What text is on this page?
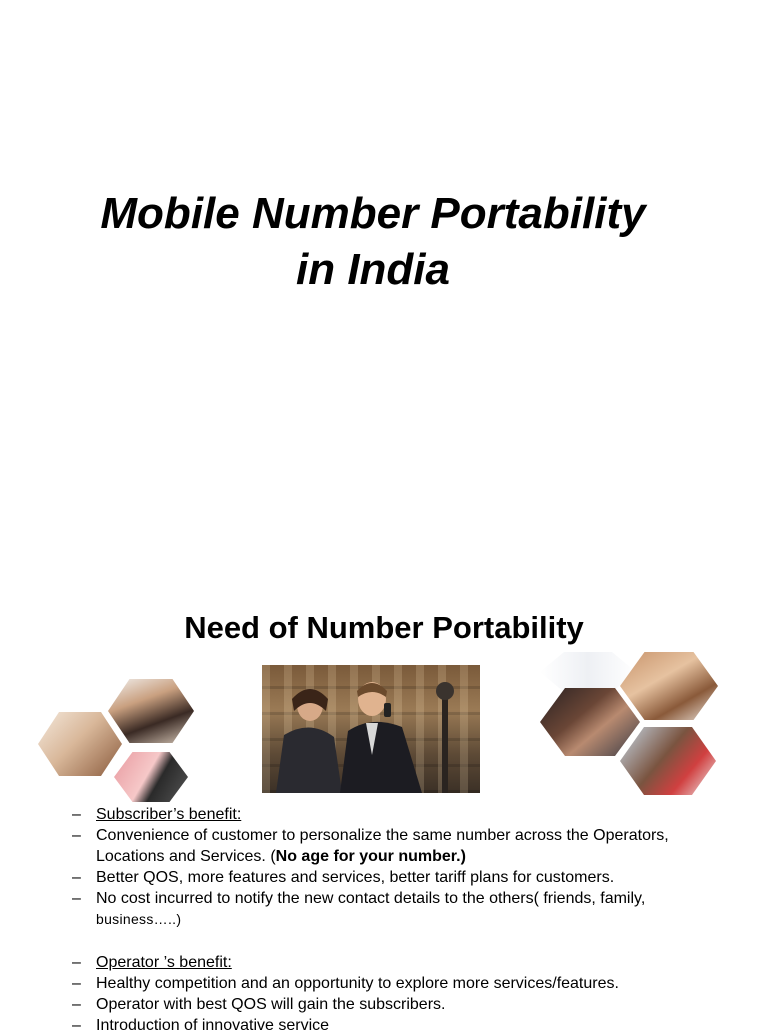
Mobile Number Portability
in India
Need of Number Portability
– Subscriber’s benefit:
– Convenience of customer to personalize the same number across the Operators, Locations and Services. (No age for your number.)
– Better QOS, more features and services, better tariff plans for customers.
– No cost incurred to notify the new contact details to the others( friends, family,
business…..)
– Operator ’s benefit:
– Healthy competition and an opportunity to explore more services/features.
– Operator with best QOS will gain the subscribers.
– Introduction of innovative service
